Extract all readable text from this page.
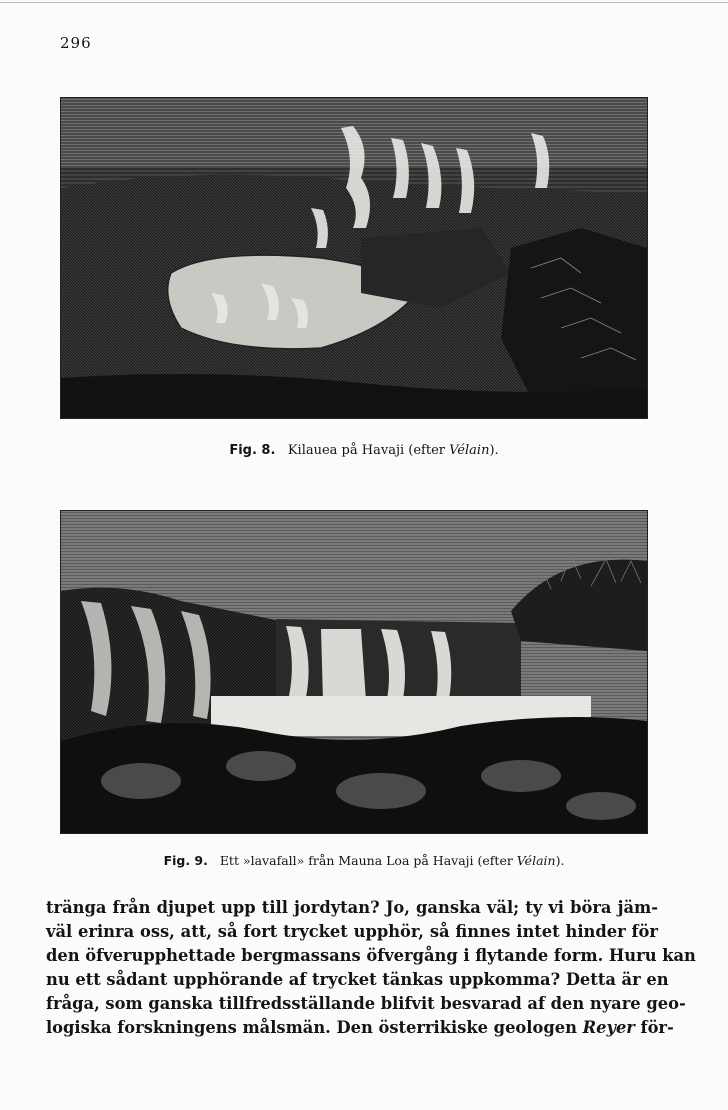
296
Fig. 8. Kilauea på Havaji (efter Vélain).
Fig. 9. Ett »lavafall» från Mauna Loa på Havaji (efter Vélain).
tränga från djupet upp till jordytan? Jo, ganska väl; ty vi böra jäm-
väl erinra oss, att, så fort trycket upphör, så finnes intet hinder för
den öfverupphettade bergmassans öfvergång i flytande form. Huru kan
nu ett sådant upphörande af trycket tänkas uppkomma? Detta är en
fråga, som ganska tillfredsställande blifvit besvarad af den nyare geo-
logiska forskningens målsmän. Den österrikiske geologen Reyer för-
